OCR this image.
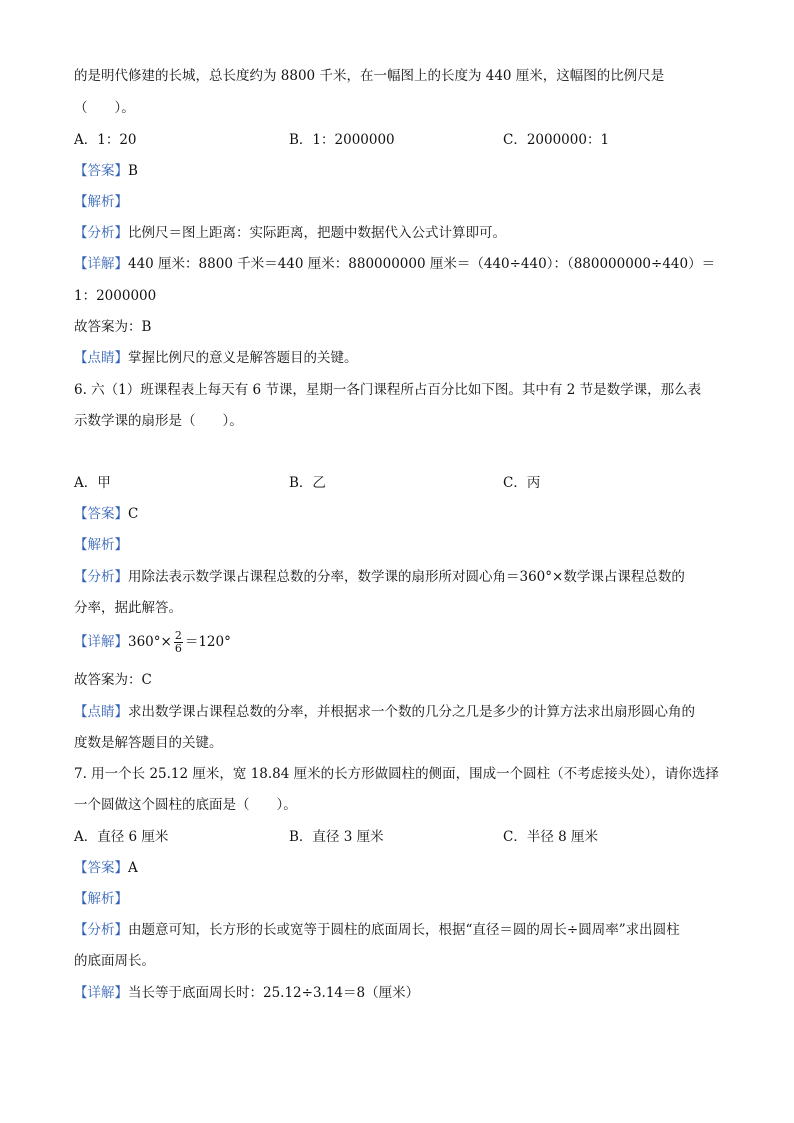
的是明代修建的长城，总长度约为 8800 千米，在一幅图上的长度为 440 厘米，这幅图的比例尺是
（　　）。
A．1：20	B．1：2000000	C．2000000：1
【答案】B
【解析】
【分析】比例尺＝图上距离：实际距离，把题中数据代入公式计算即可。
【详解】440 厘米：8800 千米＝440 厘米：880000000 厘米＝（440÷440）：（880000000÷440）＝
1：2000000
故答案为：B
【点睛】掌握比例尺的意义是解答题目的关键。
6. 六（1）班课程表上每天有 6 节课，星期一各门课程所占百分比如下图。其中有 2 节是数学课，那么表
示数学课的扇形是（　　）。
A．甲	B．乙	C．丙
【答案】C
【解析】
【分析】用除法表示数学课占课程总数的分率，数学课的扇形所对圆心角＝360°×数学课占课程总数的
分率，据此解答。
【详解】$360^\circ\times \frac{2}{6} =120^\circ$
故答案为：C
【点睛】求出数学课占课程总数的分率，并根据求一个数的几分之几是多少的计算方法求出扇形圆心角的
度数是解答题目的关键。
7. 用一个长 25.12 厘米，宽 18.84 厘米的长方形做圆柱的侧面，围成一个圆柱（不考虑接头处），请你选择
一个圆做这个圆柱的底面是（　　）。
A．直径 6 厘米	B．直径 3 厘米	C．半径 8 厘米
【答案】A
【解析】
【分析】由题意可知，长方形的长或宽等于圆柱的底面周长，根据“直径＝圆的周长÷圆周率”求出圆柱
的底面周长。
【详解】当长等于底面周长时：25.12÷3.14＝8（厘米）
